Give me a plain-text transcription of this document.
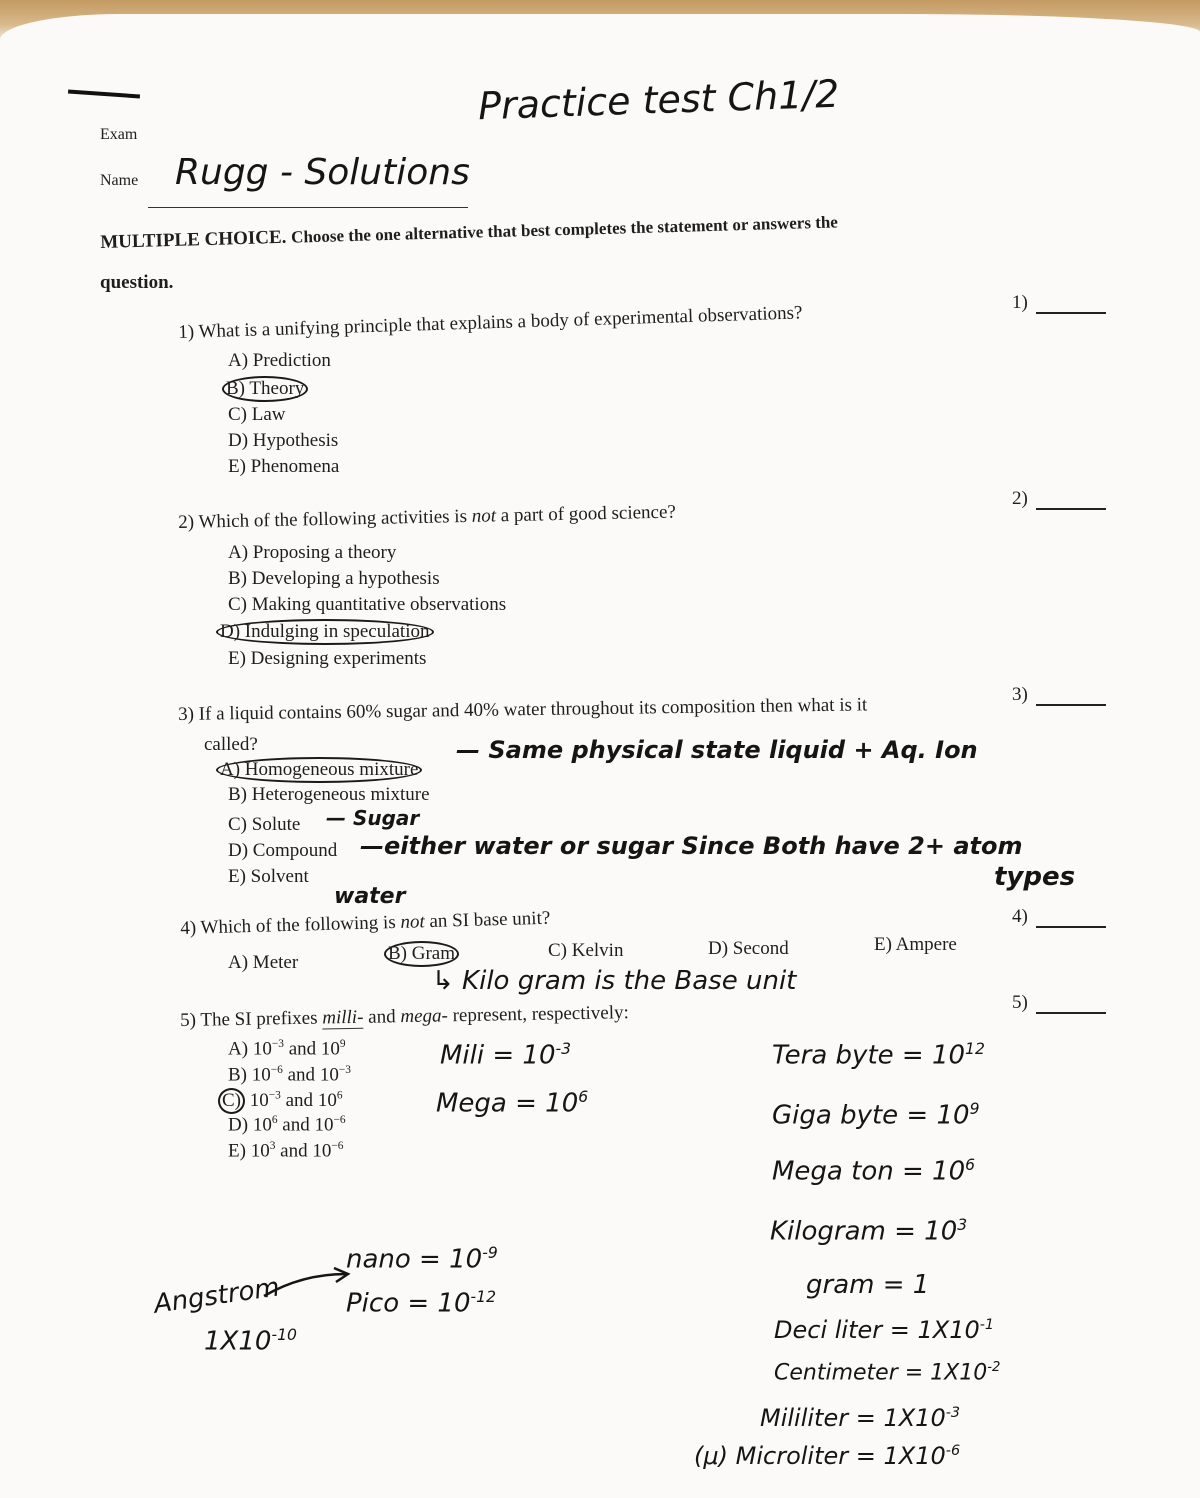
Exam
Name
Practice test Ch1/2
Rugg - Solutions
MULTIPLE CHOICE. Choose the one alternative that best completes the statement or answers the
question.
1)
2)
3)
4)
5)
1) What is a unifying principle that explains a body of experimental observations?
A) Prediction
B) Theory
C) Law
D) Hypothesis
E) Phenomena
2) Which of the following activities is not a part of good science?
A) Proposing a theory
B) Developing a hypothesis
C) Making quantitative observations
D) Indulging in speculation
E) Designing experiments
3) If a liquid contains 60% sugar and 40% water throughout its composition then what is it
called?
A) Homogeneous mixture
B) Heterogeneous mixture
C) Solute
D) Compound
E) Solvent
— Same physical state liquid + Aq. Ion
— Sugar
—either water or sugar Since Both have 2+ atom
types
water
4) Which of the following is not an SI base unit?
A) Meter	B) Gram	C) Kelvin	D) Second	E) Ampere
↳ Kilo gram is the Base unit
5) The SI prefixes milli- and mega- represent, respectively:
A) $10^{-3}$ and $10^9$
B) $10^{-6}$ and $10^{-3}$
C) $10^{-3}$ and $10^6$
D) $10^6$ and $10^{-6}$
E) $10^3$ and $10^{-6}$
Mili = $10^{-3}$
Mega = $10^6$
Tera byte = $10^{12}$
Giga byte = $10^9$
Mega ton = $10^6$
Kilogram = $10^3$
gram = 1
Deci liter = $1X10^{-1}$
Centimeter = $1X10^{-2}$
Mililiter = $1X10^{-3}$
(μ) Microliter = $1X10^{-6}$
nano = $10^{-9}$
Pico = $10^{-12}$
Angstrom
$1X10^{-10}$
